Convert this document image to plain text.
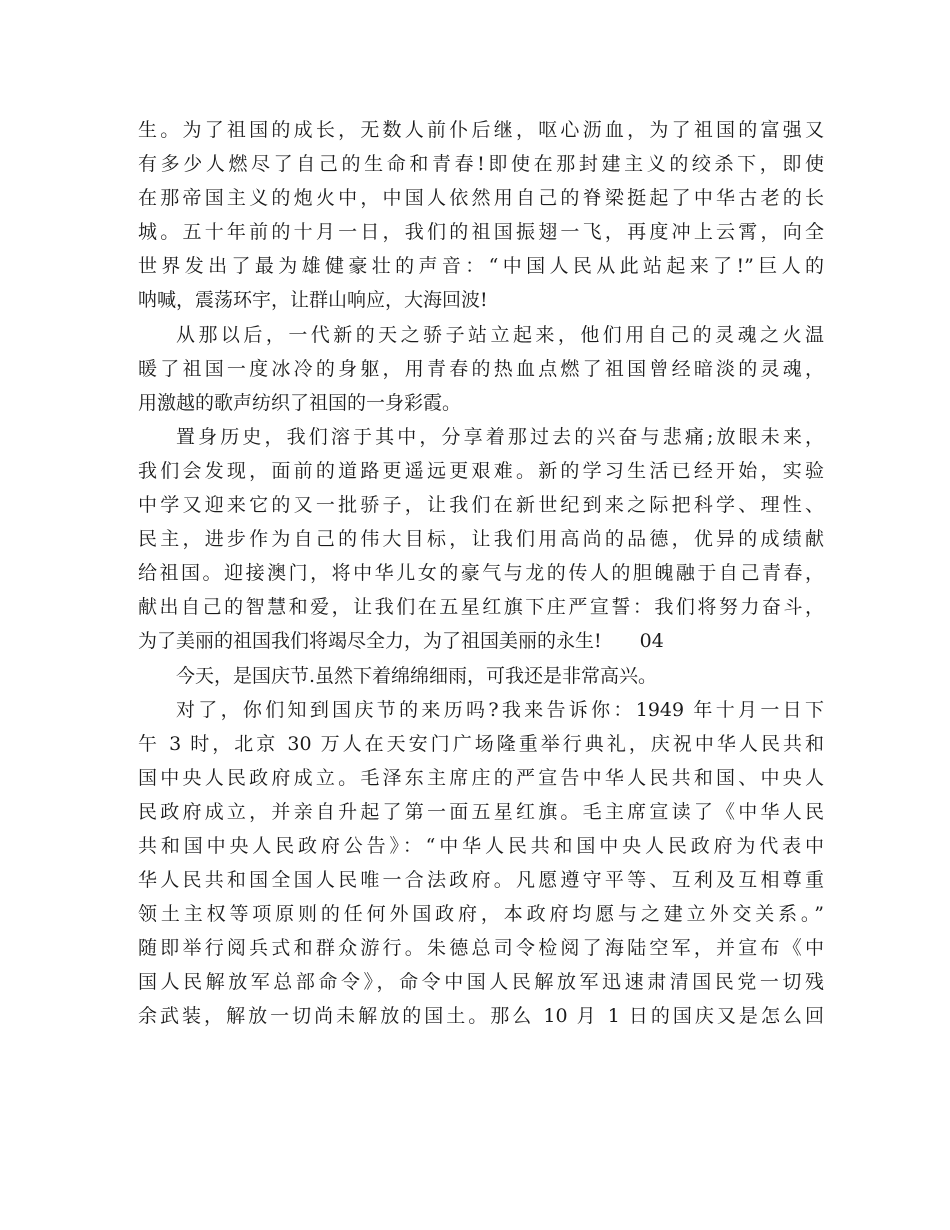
生。为了祖国的成长，无数人前仆后继，呕心沥血，为了祖国的富强又
有多少人燃尽了自己的生命和青春!即使在那封建主义的绞杀下，即使
在那帝国主义的炮火中，中国人依然用自己的脊梁挺起了中华古老的长
城。五十年前的十月一日，我们的祖国振翅一飞，再度冲上云霄，向全
世界发出了最为雄健豪壮的声音：“中国人民从此站起来了!”巨人的
呐喊，震荡环宇，让群山响应，大海回波!
从那以后，一代新的天之骄子站立起来，他们用自己的灵魂之火温
暖了祖国一度冰冷的身躯，用青春的热血点燃了祖国曾经暗淡的灵魂，
用激越的歌声纺织了祖国的一身彩霞。
置身历史，我们溶于其中，分享着那过去的兴奋与悲痛;放眼未来，
我们会发现，面前的道路更遥远更艰难。新的学习生活已经开始，实验
中学又迎来它的又一批骄子，让我们在新世纪到来之际把科学、理性、
民主，进步作为自己的伟大目标，让我们用高尚的品德，优异的成绩献
给祖国。迎接澳门，将中华儿女的豪气与龙的传人的胆魄融于自己青春，
献出自己的智慧和爱，让我们在五星红旗下庄严宣誓：我们将努力奋斗，
为了美丽的祖国我们将竭尽全力，为了祖国美丽的永生! 04
今天，是国庆节.虽然下着绵绵细雨，可我还是非常高兴。
对了，你们知到国庆节的来历吗?我来告诉你：1949 年十月一日下
午 3 时，北京 30 万人在天安门广场隆重举行典礼，庆祝中华人民共和
国中央人民政府成立。毛泽东主席庄的严宣告中华人民共和国、中央人
民政府成立，并亲自升起了第一面五星红旗。毛主席宣读了《中华人民
共和国中央人民政府公告》：“中华人民共和国中央人民政府为代表中
华人民共和国全国人民唯一合法政府。凡愿遵守平等、互利及互相尊重
领土主权等项原则的任何外国政府，本政府均愿与之建立外交关系。”
随即举行阅兵式和群众游行。朱德总司令检阅了海陆空军，并宣布《中
国人民解放军总部命令》，命令中国人民解放军迅速肃清国民党一切残
余武装，解放一切尚未解放的国土。那么 10 月 1 日的国庆又是怎么回
